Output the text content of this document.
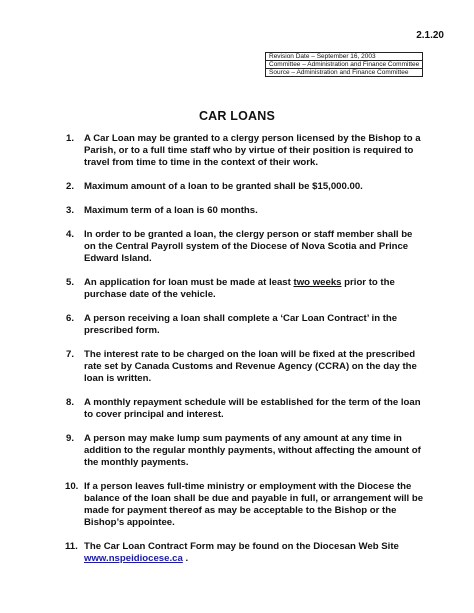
2.1.20
Revision Date – September 16, 2003
Committee – Administration and Finance Committee
Source – Administration and Finance Committee
CAR LOANS
1. A Car Loan may be granted to a clergy person licensed by the Bishop to a Parish, or to a full time staff who by virtue of their position is required to travel from time to time in the context of their work.
2. Maximum amount of a loan to be granted shall be $15,000.00.
3. Maximum term of a loan is 60 months.
4. In order to be granted a loan, the clergy person or staff member shall be on the Central Payroll system of the Diocese of Nova Scotia and Prince Edward Island.
5. An application for loan must be made at least two weeks prior to the purchase date of the vehicle.
6. A person receiving a loan shall complete a ‘Car Loan Contract’ in the prescribed form.
7. The interest rate to be charged on the loan will be fixed at the prescribed rate set by Canada Customs and Revenue Agency (CCRA) on the day the loan is written.
8. A monthly repayment schedule will be established for the term of the loan to cover principal and interest.
9. A person may make lump sum payments of any amount at any time in addition to the regular monthly payments, without affecting the amount of the monthly payments.
10. If a person leaves full-time ministry or employment with the Diocese the balance of the loan shall be due and payable in full, or arrangement will be made for payment thereof as may be acceptable to the Bishop or the Bishop’s appointee.
11. The Car Loan Contract Form may be found on the Diocesan Web Site www.nspeidiocese.ca .
